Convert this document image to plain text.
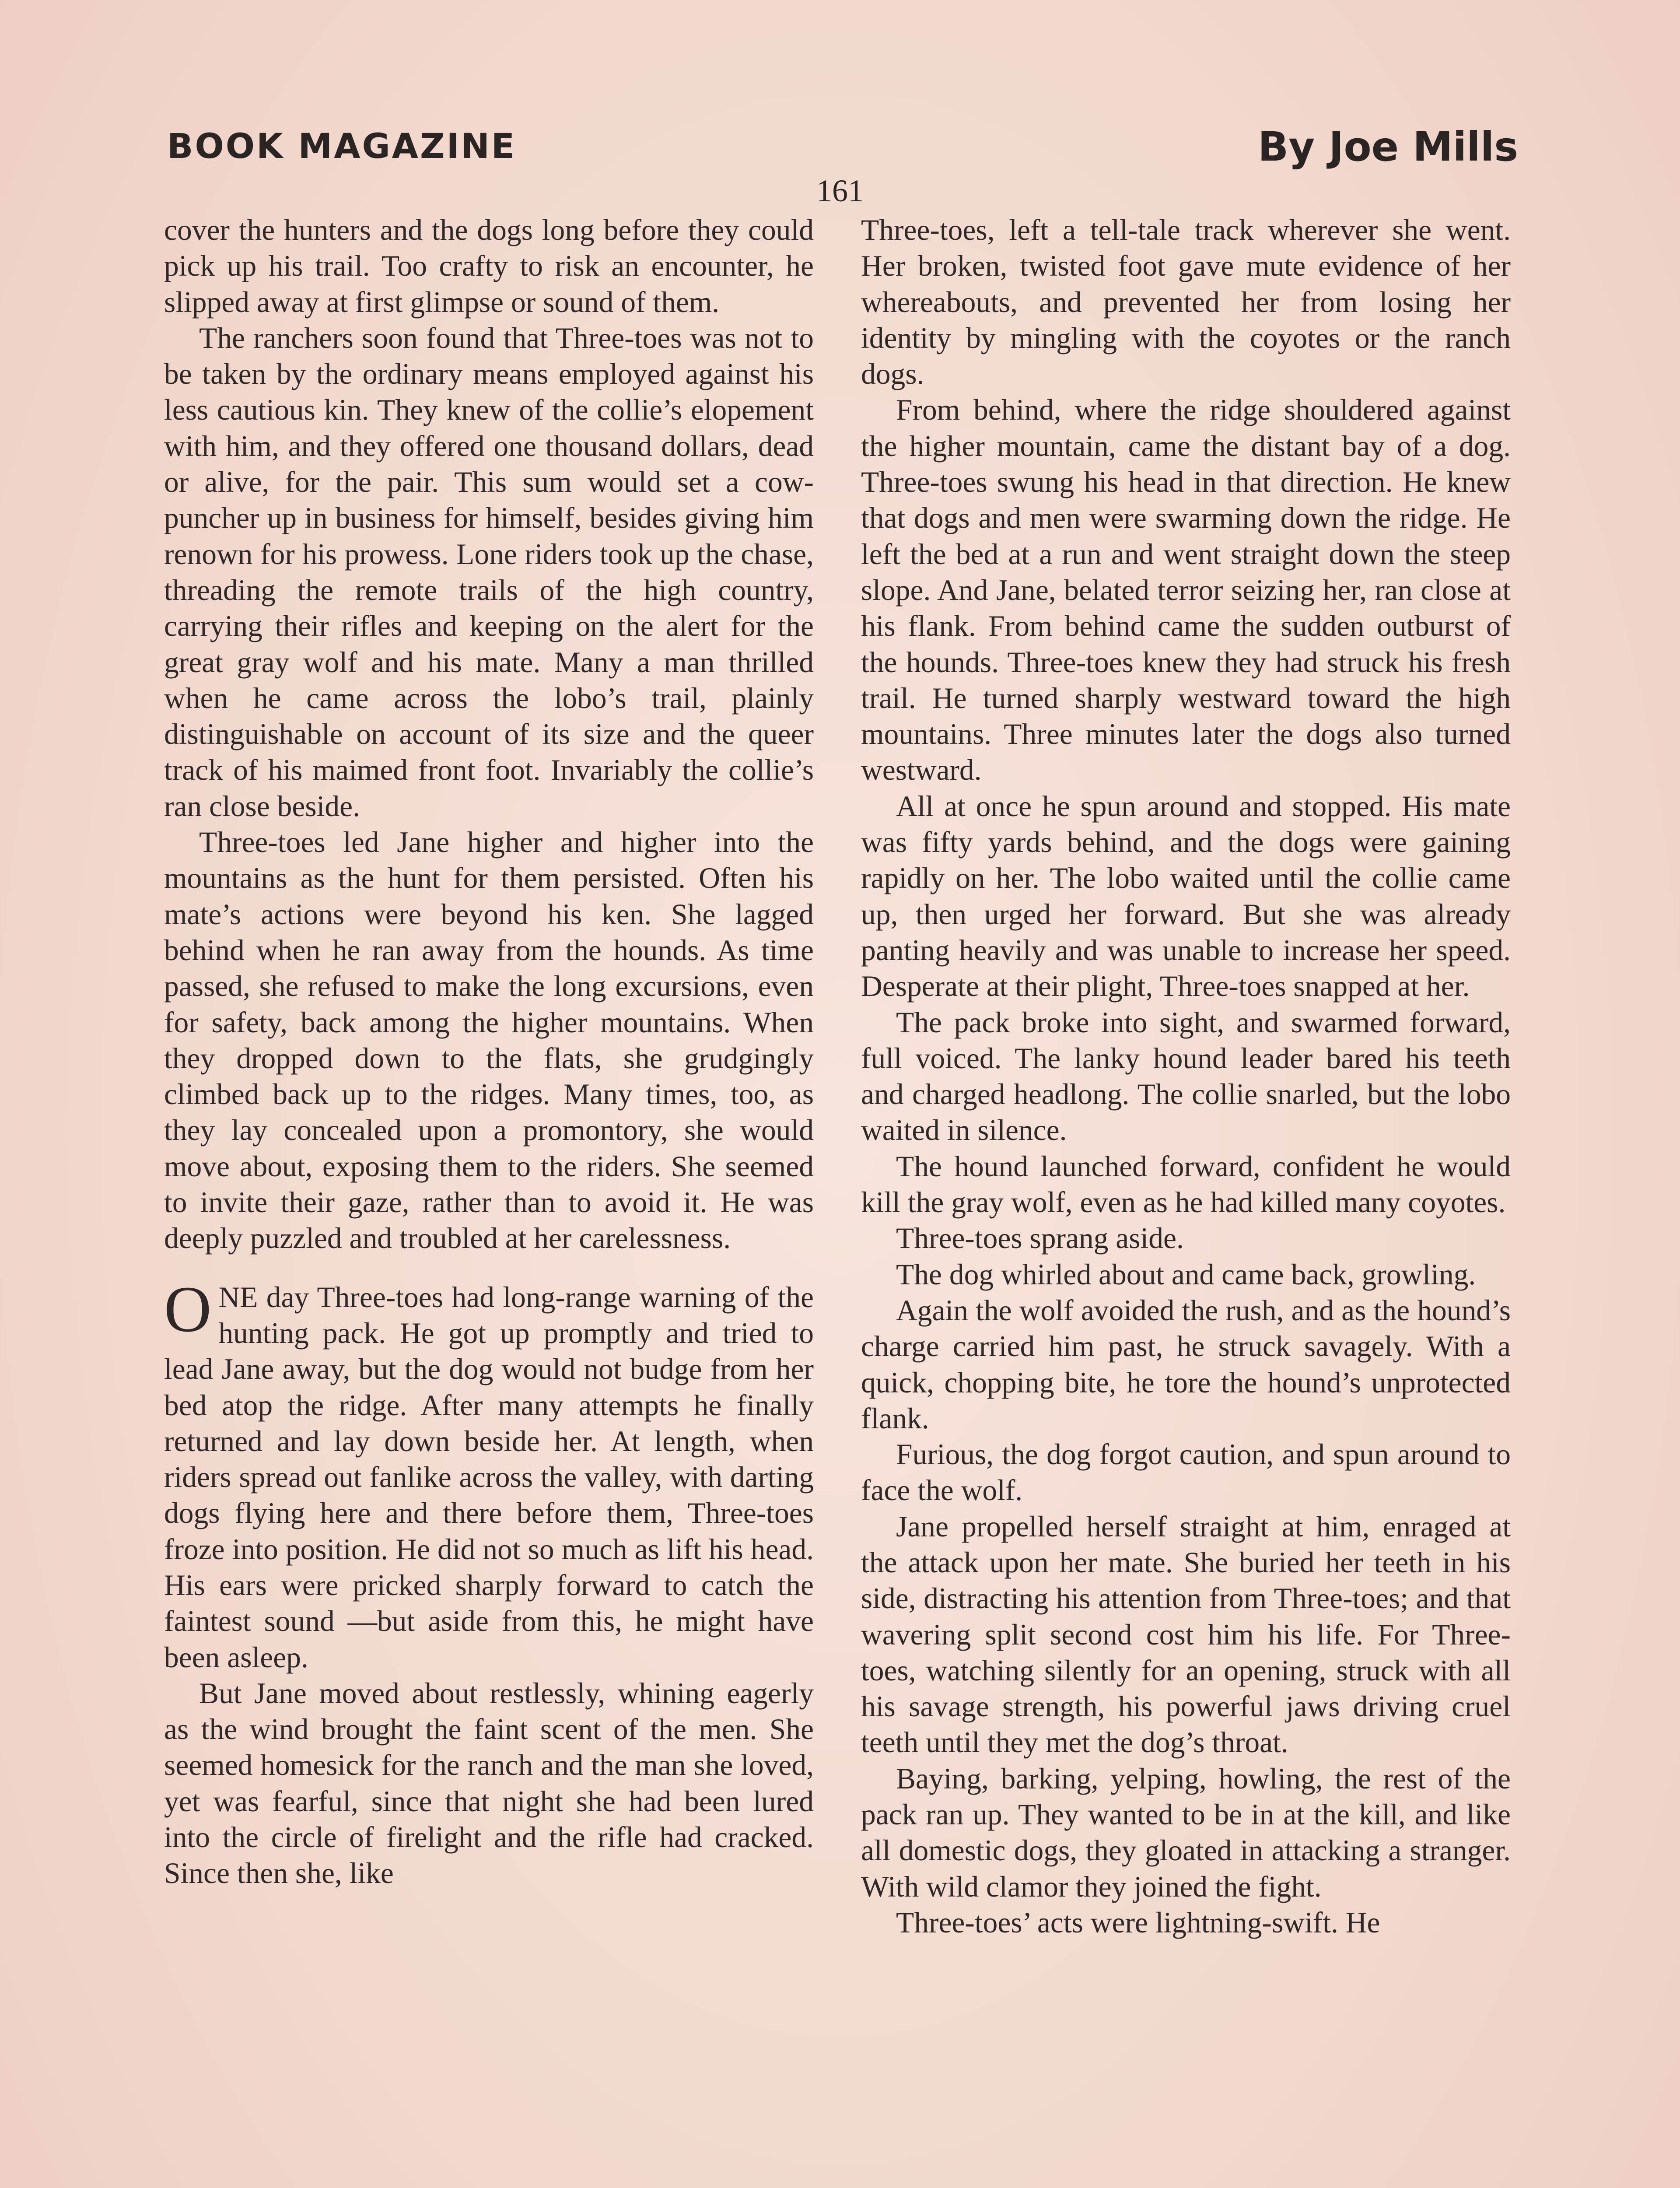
BOOK MAGAZINE	By Joe Mills
161

cover the hunters and the dogs long before they could pick up his trail. Too crafty to risk an encounter, he slipped away at first glimpse or sound of them.

The ranchers soon found that Three-toes was not to be taken by the ordinary means employed against his less cautious kin. They knew of the collie’s elopement with him, and they offered one thousand dollars, dead or alive, for the pair. This sum would set a cow-puncher up in business for himself, besides giving him renown for his prowess. Lone riders took up the chase, threading the remote trails of the high country, carrying their rifles and keeping on the alert for the great gray wolf and his mate. Many a man thrilled when he came across the lobo’s trail, plainly distinguishable on account of its size and the queer track of his maimed front foot. Invariably the collie’s ran close beside.

Three-toes led Jane higher and higher into the mountains as the hunt for them persisted. Often his mate’s actions were beyond his ken. She lagged behind when he ran away from the hounds. As time passed, she refused to make the long excursions, even for safety, back among the higher mountains. When they dropped down to the flats, she grudgingly climbed back up to the ridges. Many times, too, as they lay concealed upon a promontory, she would move about, exposing them to the riders. She seemed to invite their gaze, rather than to avoid it. He was deeply puzzled and troubled at her carelessness.

ONE day Three-toes had long-range warning of the hunting pack. He got up promptly and tried to lead Jane away, but the dog would not budge from her bed atop the ridge. After many attempts he finally returned and lay down beside her. At length, when riders spread out fanlike across the valley, with darting dogs flying here and there before them, Three-toes froze into position. He did not so much as lift his head. His ears were pricked sharply forward to catch the faintest sound —but aside from this, he might have been asleep.

But Jane moved about restlessly, whining eagerly as the wind brought the faint scent of the men. She seemed homesick for the ranch and the man she loved, yet was fearful, since that night she had been lured into the circle of firelight and the rifle had cracked. Since then she, like

Three-toes, left a tell-tale track wherever she went. Her broken, twisted foot gave mute evidence of her whereabouts, and prevented her from losing her identity by mingling with the coyotes or the ranch dogs.

From behind, where the ridge shouldered against the higher mountain, came the distant bay of a dog. Three-toes swung his head in that direction. He knew that dogs and men were swarming down the ridge. He left the bed at a run and went straight down the steep slope. And Jane, belated terror seizing her, ran close at his flank. From behind came the sudden outburst of the hounds. Three-toes knew they had struck his fresh trail. He turned sharply westward toward the high mountains. Three minutes later the dogs also turned westward.

All at once he spun around and stopped. His mate was fifty yards behind, and the dogs were gaining rapidly on her. The lobo waited until the collie came up, then urged her forward. But she was already panting heavily and was unable to increase her speed. Desperate at their plight, Three-toes snapped at her.

The pack broke into sight, and swarmed forward, full voiced. The lanky hound leader bared his teeth and charged headlong. The collie snarled, but the lobo waited in silence.

The hound launched forward, confident he would kill the gray wolf, even as he had killed many coyotes.

Three-toes sprang aside.

The dog whirled about and came back, growling.

Again the wolf avoided the rush, and as the hound’s charge carried him past, he struck savagely. With a quick, chopping bite, he tore the hound’s unprotected flank.

Furious, the dog forgot caution, and spun around to face the wolf.

Jane propelled herself straight at him, enraged at the attack upon her mate. She buried her teeth in his side, distracting his attention from Three-toes; and that wavering split second cost him his life. For Three-toes, watching silently for an opening, struck with all his savage strength, his powerful jaws driving cruel teeth until they met the dog’s throat.

Baying, barking, yelping, howling, the rest of the pack ran up. They wanted to be in at the kill, and like all domestic dogs, they gloated in attacking a stranger. With wild clamor they joined the fight.

Three-toes’ acts were lightning-swift. He
